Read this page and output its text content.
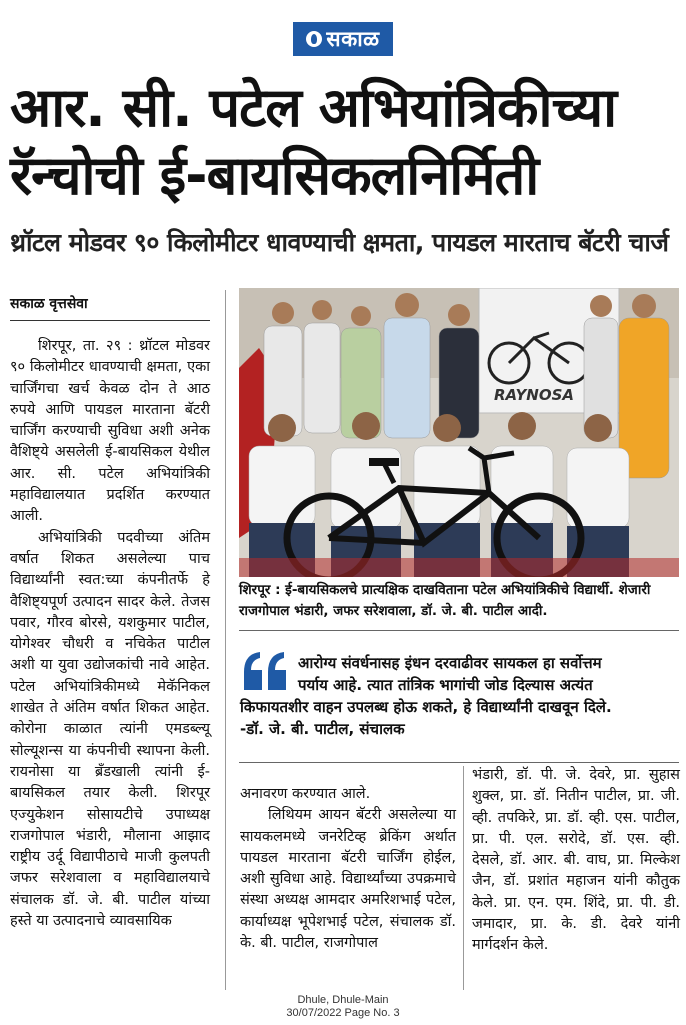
सकाळ
आर. सी. पटेल अभियांत्रिकीच्या
रॅन्चोची ई-बायसिकलनिर्मिती
थ्रॉटल मोडवर ९० किलोमीटर धावण्याची क्षमता, पायडल मारताच बॅटरी चार्ज
सकाळ वृत्तसेवा

शिरपूर, ता. २९ : थ्रॉटल मोडवर ९० किलोमीटर धावण्याची क्षमता, एका चार्जिंगचा खर्च केवळ दोन ते आठ रुपये आणि पायडल मारताना बॅटरी चार्जिंग करण्याची सुविधा अशी अनेक वैशिष्ट्ये असलेली ई-बायसिकल येथील आर. सी. पटेल अभियांत्रिकी महाविद्यालयात प्रदर्शित करण्यात आली.

अभियांत्रिकी पदवीच्या अंतिम वर्षात शिकत असलेल्या पाच विद्यार्थ्यांनी स्वत:च्या कंपनीतर्फे हे वैशिष्ट्यपूर्ण उत्पादन सादर केले. तेजस पवार, गौरव बोरसे, यशकुमार पाटील, योगेश्वर चौधरी व नचिकेत पाटील अशी या युवा उद्योजकांची नावे आहेत. पटेल अभियांत्रिकीमध्ये मेकॅनिकल शाखेत ते अंतिम वर्षात शिकत आहेत. कोरोना काळात त्यांनी एमडब्ल्यू सोल्यूशन्स या कंपनीची स्थापना केली. रायनोसा या ब्रॅंडखाली त्यांनी ई-बायसिकल तयार केली. शिरपूर एज्युकेशन सोसायटीचे उपाध्यक्ष राजगोपाल भंडारी, मौलाना आझाद राष्ट्रीय उर्दू विद्यापीठाचे माजी कुलपती जफर सरेशवाला व महाविद्यालयाचे संचालक डॉ. जे. बी. पाटील यांच्या हस्ते या उत्पादनाचे व्यावसायिक

RAYNOSA
शिरपूर : ई-बायसिकलचे प्रात्यक्षिक दाखविताना पटेल अभियांत्रिकीचे विद्यार्थी. शेजारी राजगोपाल भंडारी, जफर सरेशवाला, डॉ. जे. बी. पाटील आदी.
आरोग्य संवर्धनासह इंधन दरवाढीवर सायकल हा सर्वोत्तम
पर्याय आहे. त्यात तांत्रिक भागांची जोड दिल्यास अत्यंत
किफायतशीर वाहन उपलब्ध होऊ शकते, हे विद्यार्थ्यांनी दाखवून दिले.
-डॉ. जे. बी. पाटील, संचालक

अनावरण करण्यात आले.

लिथियम आयन बॅटरी असलेल्या या सायकलमध्ये जनरेटिव्ह ब्रेकिंग अर्थात पायडल मारताना बॅटरी चार्जिंग होईल, अशी सुविधा आहे. विद्यार्थ्यांच्या उपक्रमाचे संस्था अध्यक्ष आमदार अमरिशभाई पटेल, कार्याध्यक्ष भूपेशभाई पटेल, संचालक डॉ. के. बी. पाटील, राजगोपाल

भंडारी, डॉ. पी. जे. देवरे, प्रा. सुहास शुक्ल, प्रा. डॉ. नितीन पाटील, प्रा. जी. व्ही. तपकिरे, प्रा. डॉ. व्ही. एस. पाटील, प्रा. पी. एल. सरोदे, डॉ. एस. व्ही. देसले, डॉ. आर. बी. वाघ, प्रा. मिल्केश जैन, डॉ. प्रशांत महाजन यांनी कौतुक केले. प्रा. एन. एम. शिंदे, प्रा. पी. डी. जमादार, प्रा. के. डी. देवरे यांनी मार्गदर्शन केले.

Dhule, Dhule-Main
30/07/2022 Page No. 3
